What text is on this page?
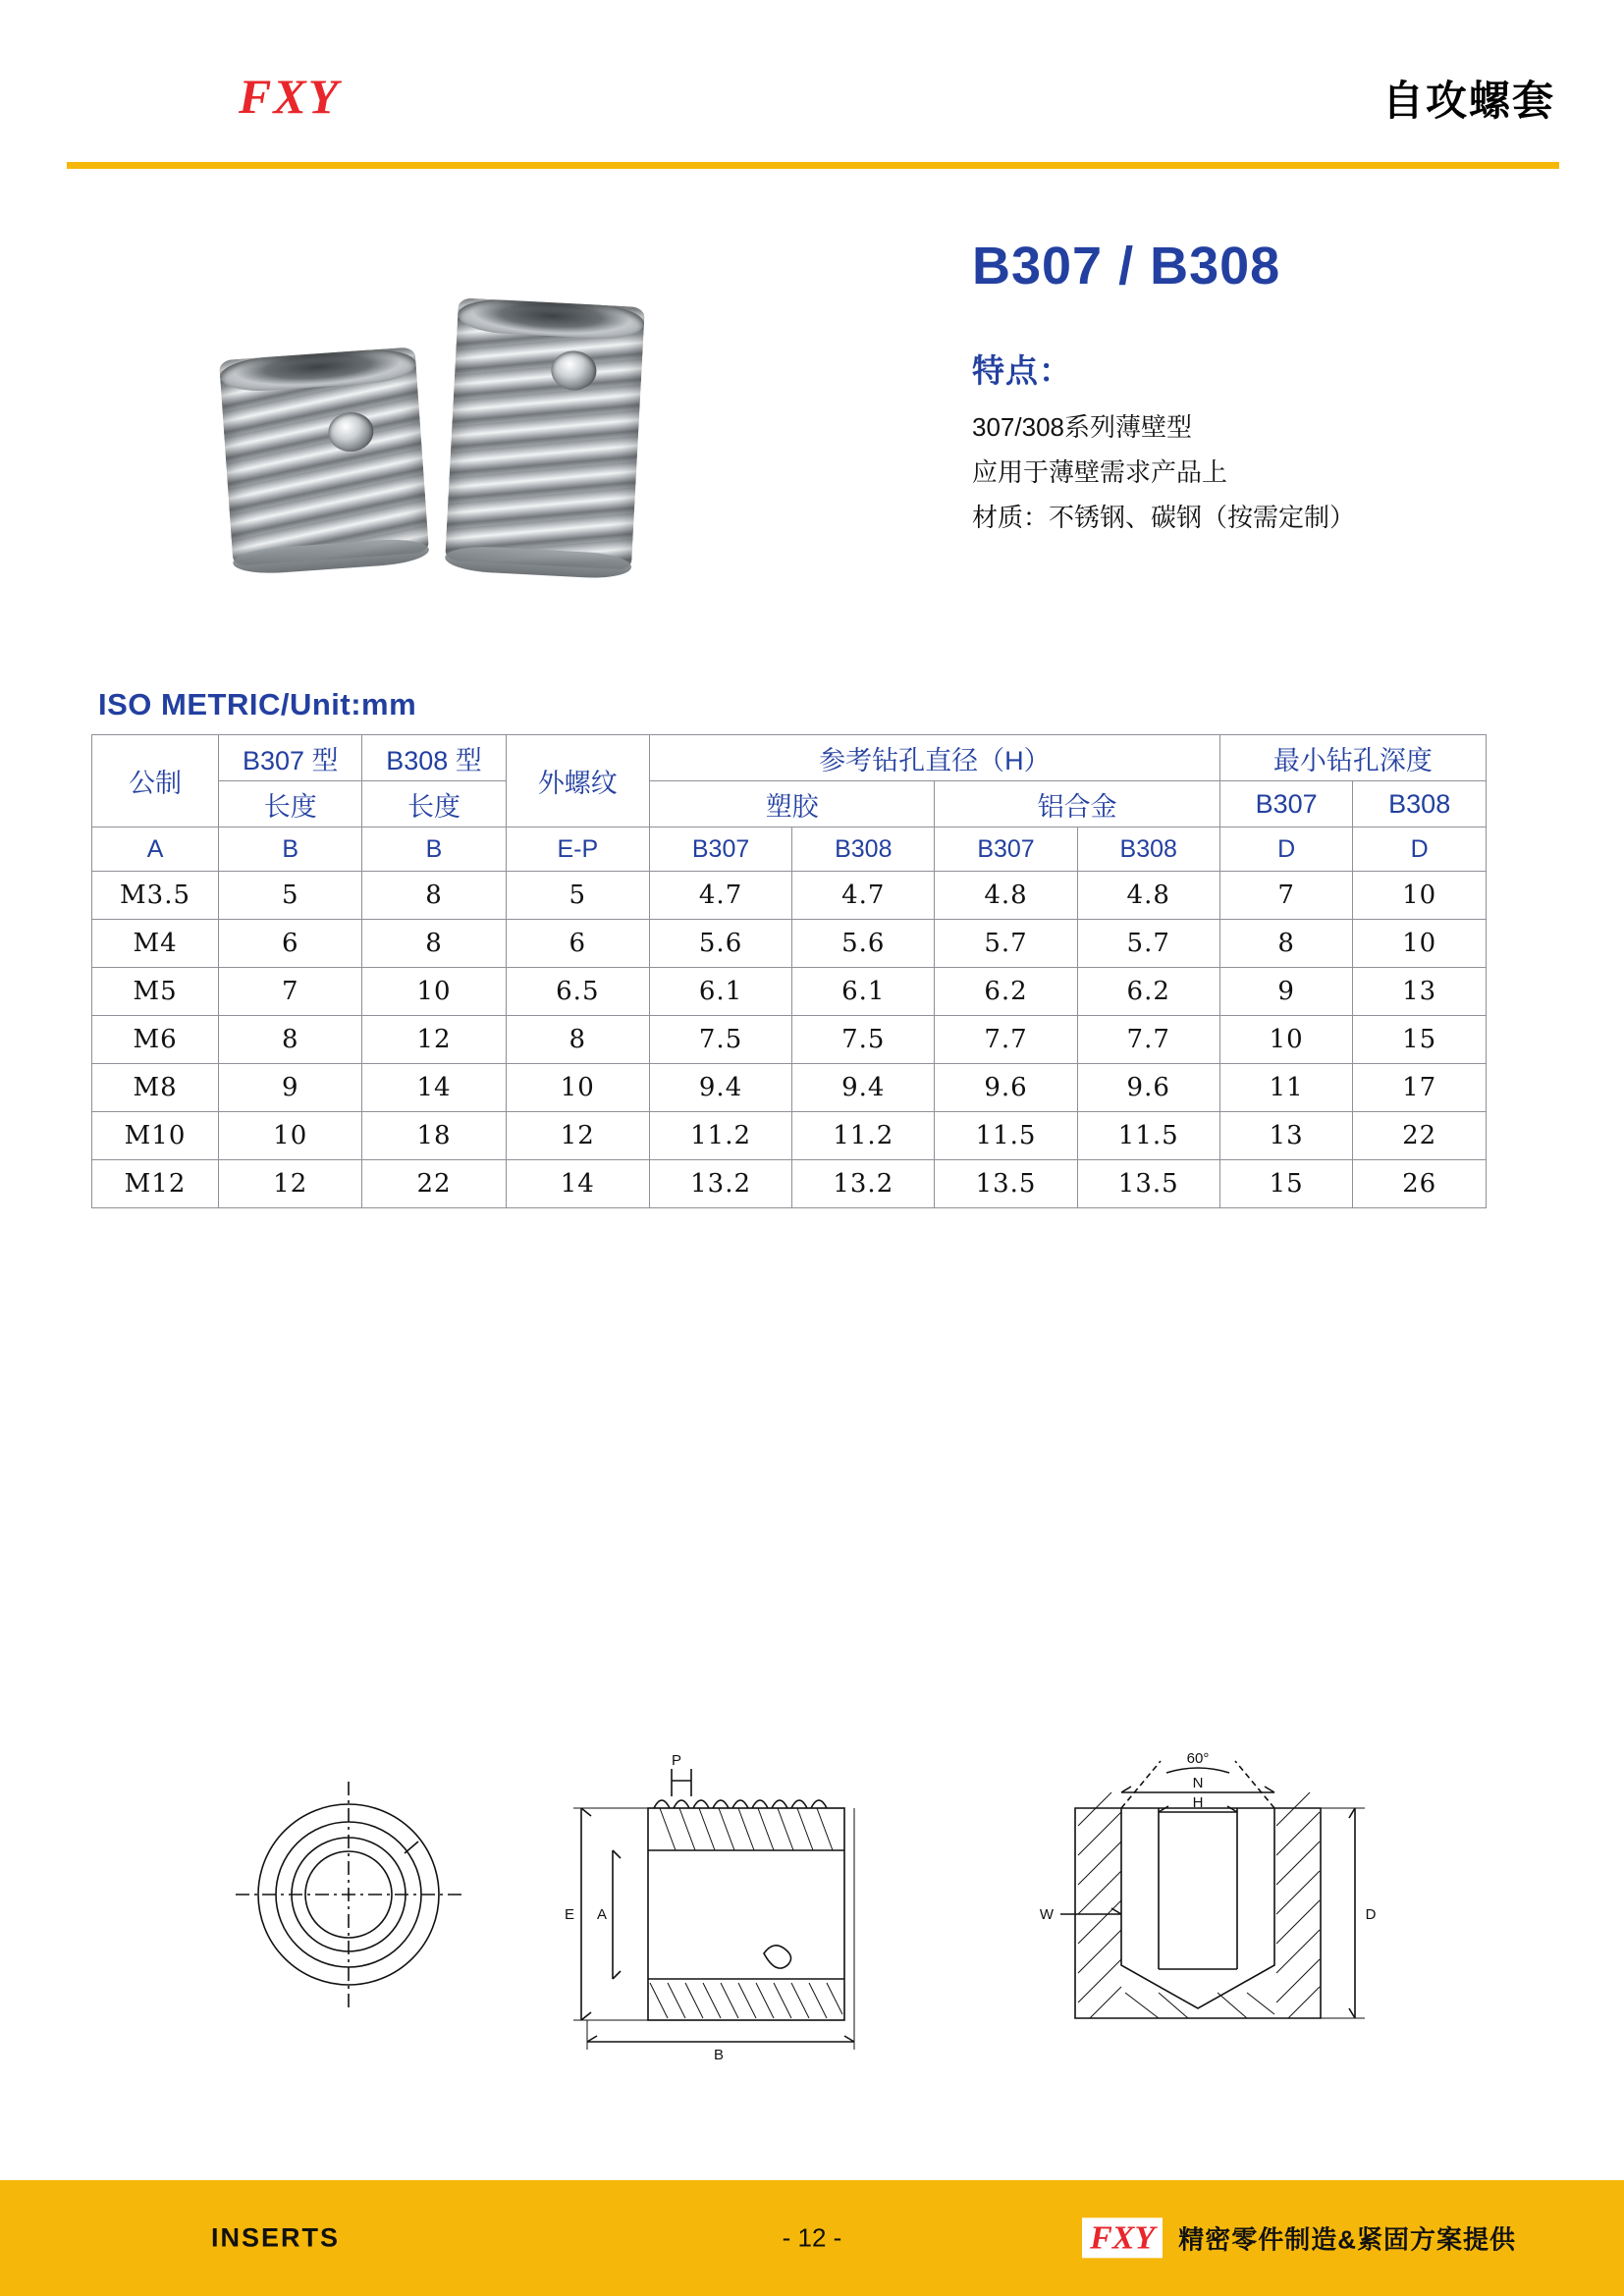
FXY	自攻螺套
B307 / B308
特点：
307/308系列薄壁型
应用于薄壁需求产品上
材质：不锈钢、碳钢（按需定制）
ISO METRIC/Unit:mm
公制	B307 型	B308 型	外螺纹	参考钻孔直径（H）				最小钻孔深度	
	长度	长度		塑胶		铝合金		B307	B308
A	B	B	E-P	B307	B308	B307	B308	D	D
M3.5	5	8	5	4.7	4.7	4.8	4.8	7	10
M4	6	8	6	5.6	5.6	5.7	5.7	8	10
M5	7	10	6.5	6.1	6.1	6.2	6.2	9	13
M6	8	12	8	7.5	7.5	7.7	7.7	10	15
M8	9	14	10	9.4	9.4	9.6	9.6	11	17
M10	10	18	12	11.2	11.2	11.5	11.5	13	22
M12	12	22	14	13.2	13.2	13.5	13.5	15	26
P
E A
B
60°
N
H
W	D
INSERTS	- 12 -	FXY 精密零件制造&紧固方案提供
